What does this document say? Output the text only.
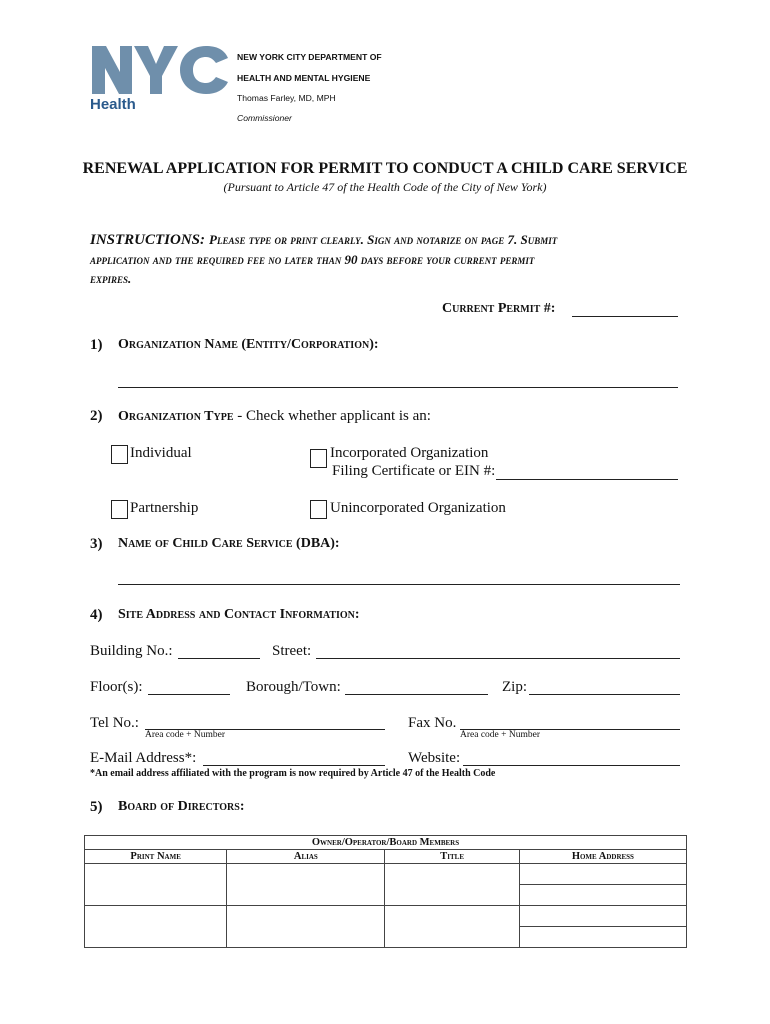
Health
NEW YORK CITY DEPARTMENT OF
HEALTH AND MENTAL HYGIENE
Thomas Farley, MD, MPH
Commissioner
RENEWAL APPLICATION FOR PERMIT TO CONDUCT A CHILD CARE SERVICE
(Pursuant to Article 47 of the Health Code of the City of New York)
INSTRUCTIONS: Please type or print clearly. Sign and notarize on page 7. Submit
application and the required fee no later than 90 days before your current permit
expires.
Current Permit #:
1) Organization Name (Entity/Corporation):
2) Organization Type - Check whether applicant is an:
Individual	Incorporated Organization
Filing Certificate or EIN #:
Partnership	Unincorporated Organization
3) Name of Child Care Service (DBA):
4) Site Address and Contact Information:
Building No.:	Street:
Floor(s):	Borough/Town:	Zip:
Tel No.:
Area code + Number
Fax No.
Area code + Number
E-Mail Address*:	Website:
*An email address affiliated with the program is now required by Article 47 of the Health Code
5) Board of Directors:
Owner/Operator/Board Members			
Print Name	Alias	Title	Home Address
